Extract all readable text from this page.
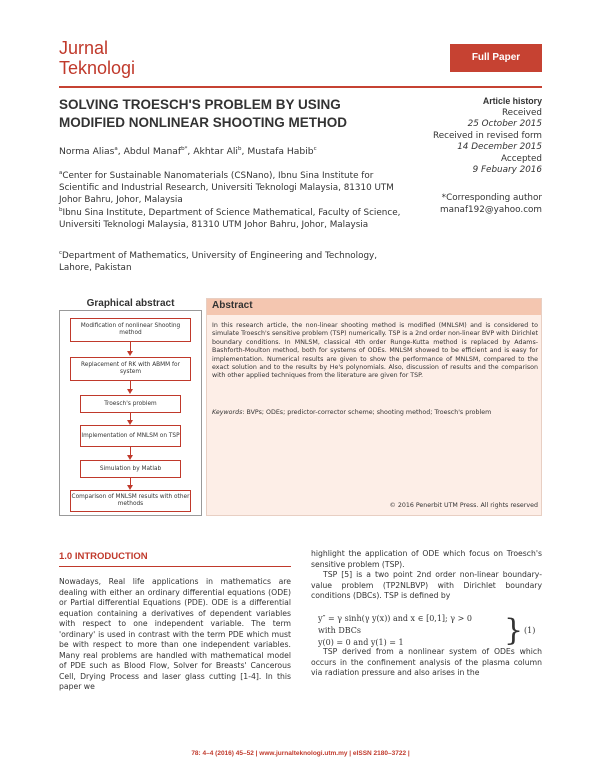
Jurnal
Teknologi
Full Paper
SOLVING TROESCH'S PROBLEM BY USING
MODIFIED NONLINEAR SHOOTING METHOD
Norma Alias$^a$, Abdul Manaf$^{b*}$, Akhtar Ali$^b$, Mustafa Habib$^c$
$^a$Center for Sustainable Nanomaterials (CSNano), Ibnu Sina Institute for Scientific and Industrial Research, Universiti Teknologi Malaysia, 81310 UTM Johor Bahru, Johor, Malaysia
$^b$Ibnu Sina Institute, Department of Science Mathematical, Faculty of Science, Universiti Teknologi Malaysia, 81310 UTM Johor Bahru, Johor, Malaysia
$^c$Department of Mathematics, University of Engineering and Technology, Lahore, Pakistan
Article history
Received
25 October 2015
Received in revised form
14 December 2015
Accepted
9 Febuary 2016
*Corresponding author
manaf192@yahoo.com
Graphical abstract
Modification of nonlinear Shooting method
Replacement of RK with ABMM for system
Troesch's problem
Implementation of MNLSM on TSP
Simulation by Matlab
Comparison of MNLSM results with other methods
Abstract
In this research article, the non-linear shooting method is modified (MNLSM) and is considered to simulate Troesch's sensitive problem (TSP) numerically. TSP is a 2nd order non-linear BVP with Dirichlet boundary conditions. In MNLSM, classical 4th order Runge-Kutta method is replaced by Adams-Bashforth-Moulton method, both for systems of ODEs. MNLSM showed to be efficient and is easy for implementation. Numerical results are given to show the performance of MNLSM, compared to the exact solution and to the results by He's polynomials. Also, discussion of results and the comparison with other applied techniques from the literature are given for TSP.
Keywords: BVPs; ODEs; predictor-corrector scheme; shooting method; Troesch's problem
© 2016 Penerbit UTM Press. All rights reserved
1.0 INTRODUCTION
Nowadays, Real life applications in mathematics are dealing with either an ordinary differential equations (ODE) or Partial differential Equations (PDE). ODE is a differential equation containing a derivatives of dependent variables with respect to one independent variable. The term 'ordinary' is used in contrast with the term PDE which must be with respect to more than one independent variables. Many real problems are handled with mathematical model of PDE such as Blood Flow, Solver for Breasts' Cancerous Cell, Drying Process and laser glass cutting [1-4]. In this paper we
highlight the application of ODE which focus on Troesch's sensitive problem (TSP).
TSP [5] is a two point 2nd order non-linear boundary-value problem (TP2NLBVP) with Dirichlet boundary conditions (DBCs). TSP is defined by
y″ = γ sinh(γ y(x)) and x ∈ [0,1]; γ > 0
with DBCs
y(0) = 0 and y(1) = 1	} (1)
TSP derived from a nonlinear system of ODEs which occurs in the confinement analysis of the plasma column via radiation pressure and also arises in the
78: 4–4 (2016) 45–52 | www.jurnalteknologi.utm.my | eISSN 2180–3722 |
